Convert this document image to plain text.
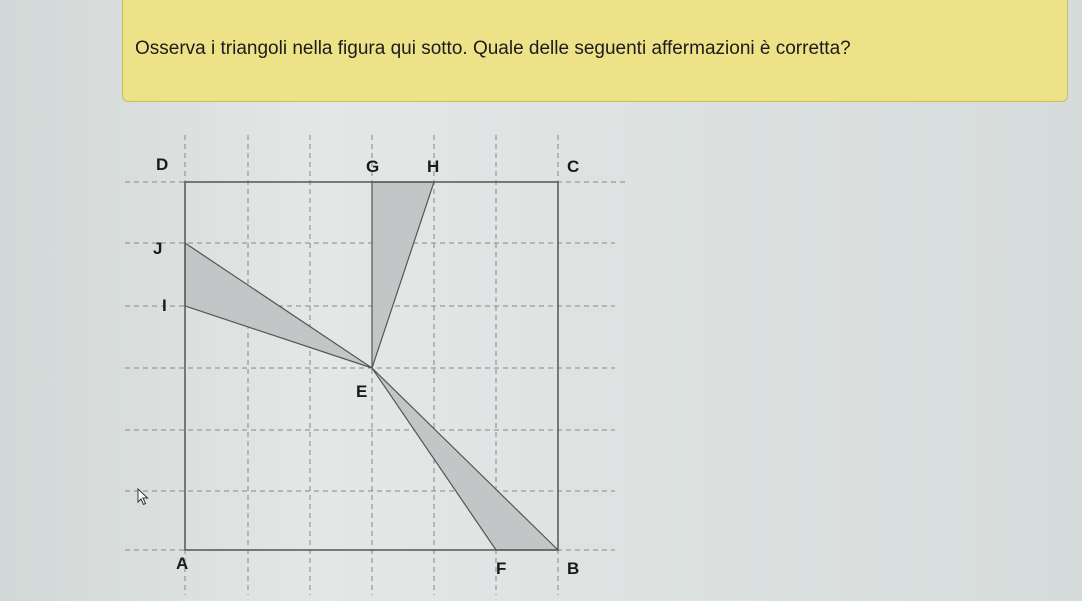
Osserva i triangoli nella figura qui sotto. Quale delle seguenti affermazioni è corretta?
D	G	H	C
J
I
E
A	F	B
